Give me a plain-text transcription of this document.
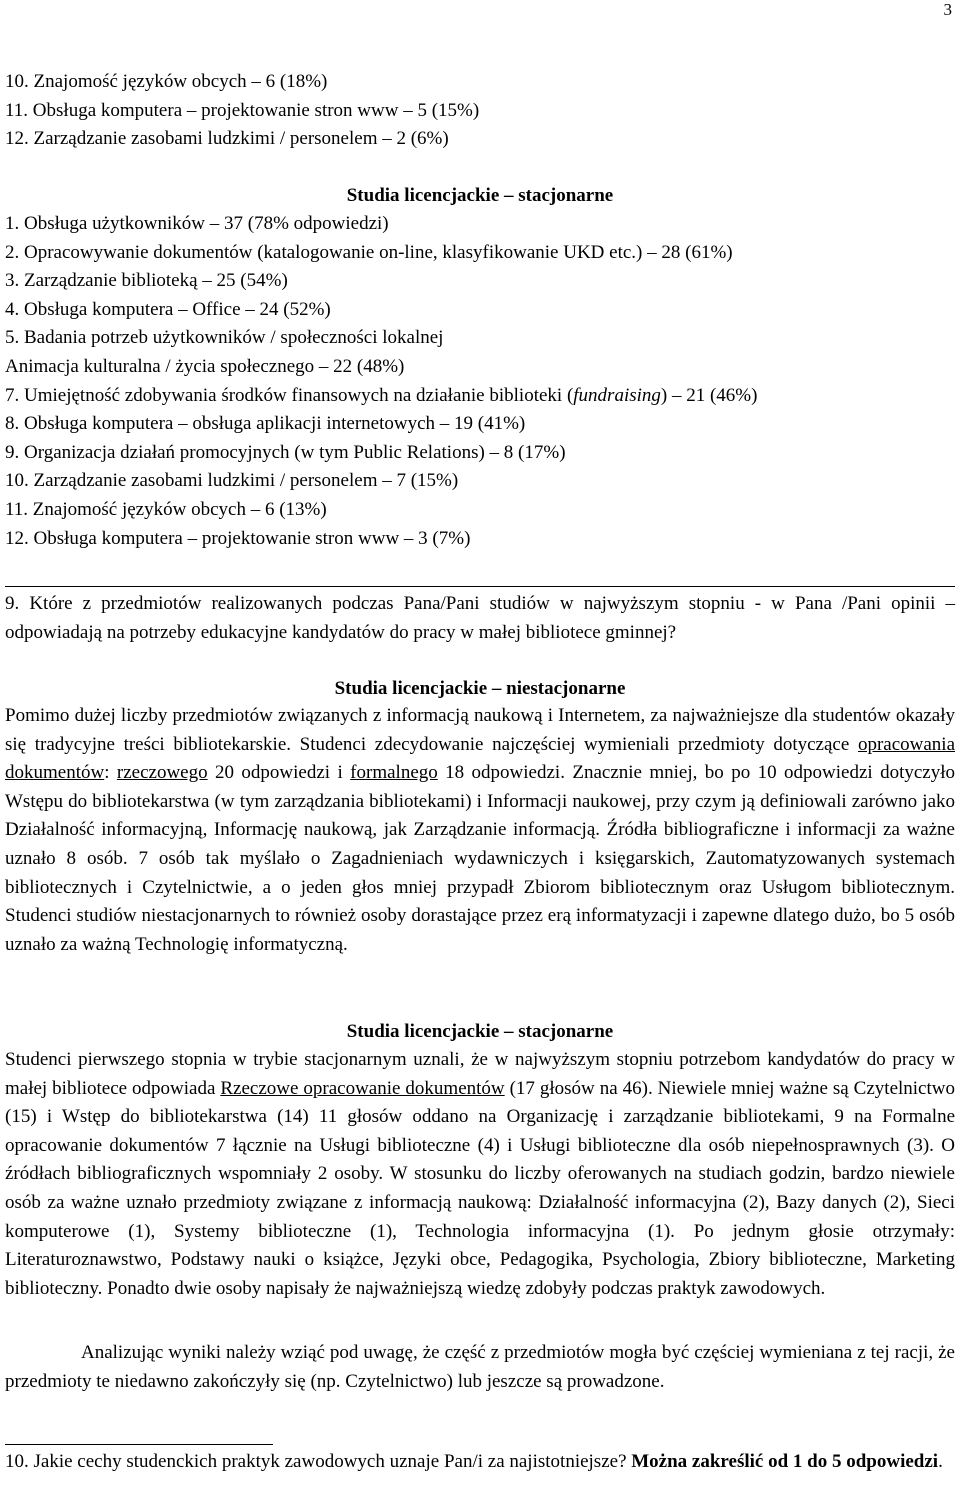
3
10. Znajomość języków obcych – 6 (18%)
11. Obsługa komputera – projektowanie stron www – 5 (15%)
12. Zarządzanie zasobami ludzkimi / personelem – 2 (6%)
Studia licencjackie – stacjonarne
1. Obsługa użytkowników – 37 (78% odpowiedzi)
2. Opracowywanie dokumentów (katalogowanie on-line, klasyfikowanie UKD etc.) – 28 (61%)
3. Zarządzanie biblioteką – 25 (54%)
4. Obsługa komputera – Office – 24 (52%)
5. Badania potrzeb użytkowników / społeczności lokalnej
Animacja kulturalna / życia społecznego – 22 (48%)
7. Umiejętność zdobywania środków finansowych na działanie biblioteki (fundraising) – 21 (46%)
8. Obsługa komputera – obsługa aplikacji internetowych – 19 (41%)
9. Organizacja działań promocyjnych (w tym Public Relations) – 8 (17%)
10. Zarządzanie zasobami ludzkimi / personelem – 7 (15%)
11. Znajomość języków obcych – 6 (13%)
12. Obsługa komputera – projektowanie stron www – 3 (7%)

9. Które z przedmiotów realizowanych podczas Pana/Pani studiów w najwyższym stopniu - w Pana /Pani opinii – odpowiadają na potrzeby edukacyjne kandydatów do pracy w małej bibliotece gminnej?

Studia licencjackie – niestacjonarne

Pomimo dużej liczby przedmiotów związanych z informacją naukową i Internetem, za najważniejsze dla studentów okazały się tradycyjne treści bibliotekarskie. Studenci zdecydowanie najczęściej wymieniali przedmioty dotyczące opracowania dokumentów: rzeczowego 20 odpowiedzi i formalnego 18 odpowiedzi. Znacznie mniej, bo po 10 odpowiedzi dotyczyło Wstępu do bibliotekarstwa (w tym zarządzania bibliotekami) i Informacji naukowej, przy czym ją definiowali zarówno jako Działalność informacyjną, Informację naukową, jak Zarządzanie informacją. Źródła bibliograficzne i informacji za ważne uznało 8 osób. 7 osób tak myślało o Zagadnieniach wydawniczych i księgarskich, Zautomatyzowanych systemach bibliotecznych i Czytelnictwie, a o jeden głos mniej przypadł Zbiorom bibliotecznym oraz Usługom bibliotecznym. Studenci studiów niestacjonarnych to również osoby dorastające przez erą informatyzacji i zapewne dlatego dużo, bo 5 osób uznało za ważną Technologię informatyczną.

Studia licencjackie – stacjonarne

Studenci pierwszego stopnia w trybie stacjonarnym uznali, że w najwyższym stopniu potrzebom kandydatów do pracy w małej bibliotece odpowiada Rzeczowe opracowanie dokumentów (17 głosów na 46). Niewiele mniej ważne są Czytelnictwo (15) i Wstęp do bibliotekarstwa (14) 11 głosów oddano na Organizację i zarządzanie bibliotekami, 9 na Formalne opracowanie dokumentów 7 łącznie na Usługi biblioteczne (4) i Usługi biblioteczne dla osób niepełnosprawnych (3). O źródłach bibliograficznych wspomniały 2 osoby. W stosunku do liczby oferowanych na studiach godzin, bardzo niewiele osób za ważne uznało przedmioty związane z informacją naukową: Działalność informacyjna (2), Bazy danych (2), Sieci komputerowe (1), Systemy biblioteczne (1), Technologia informacyjna (1). Po jednym głosie otrzymały: Literaturoznawstwo, Podstawy nauki o książce, Języki obce, Pedagogika, Psychologia, Zbiory biblioteczne, Marketing biblioteczny. Ponadto dwie osoby napisały że najważniejszą wiedzę zdobyły podczas praktyk zawodowych.

Analizując wyniki należy wziąć pod uwagę, że część z przedmiotów mogła być częściej wymieniana z tej racji, że przedmioty te niedawno zakończyły się (np. Czytelnictwo) lub jeszcze są prowadzone.

10. Jakie cechy studenckich praktyk zawodowych uznaje Pan/i za najistotniejsze? Można zakreślić od 1 do 5 odpowiedzi.
